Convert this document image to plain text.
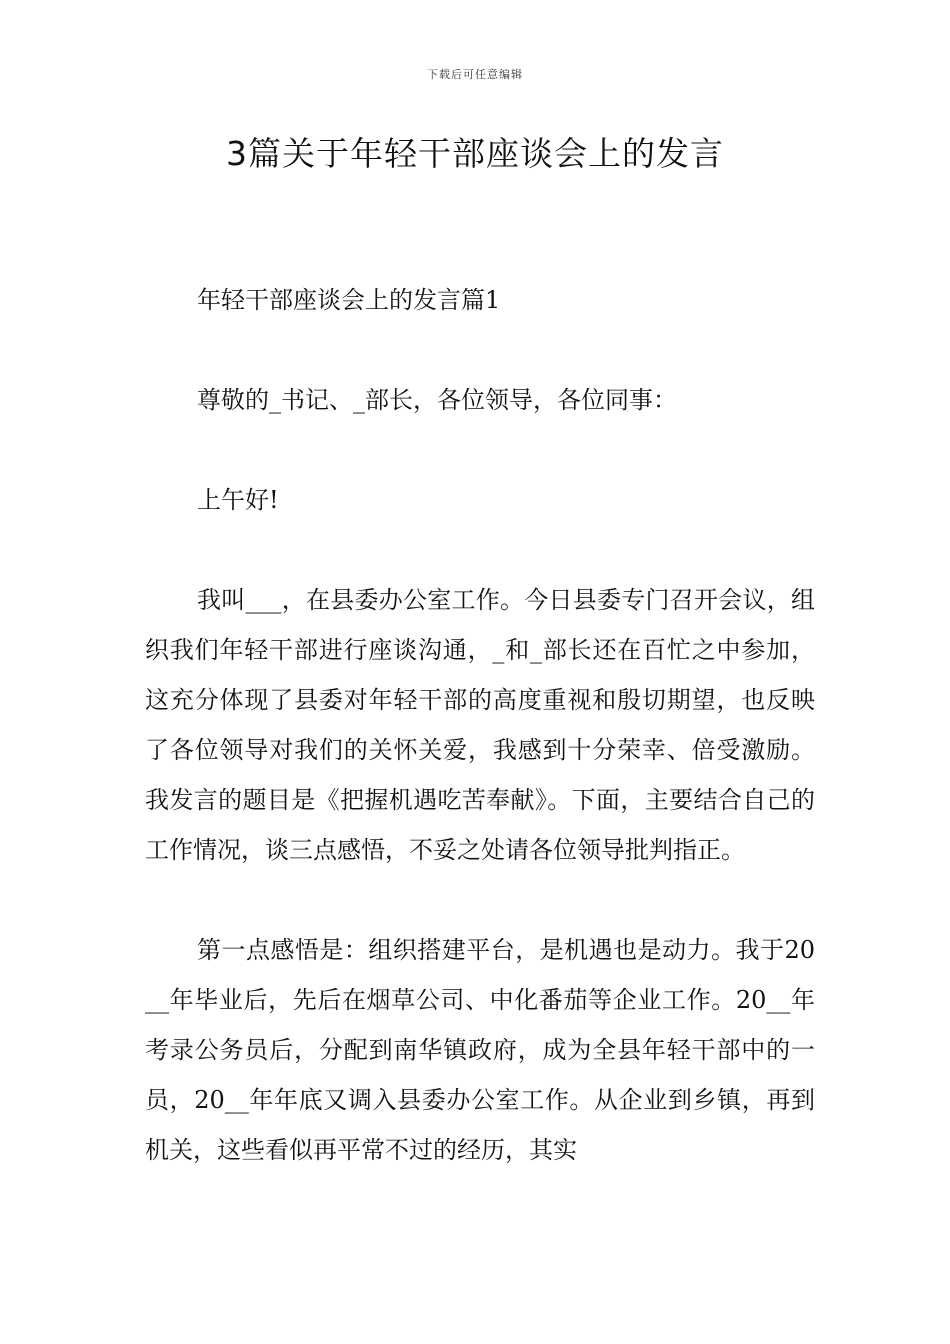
下载后可任意编辑
3篇关于年轻干部座谈会上的发言

年轻干部座谈会上的发言篇1

尊敬的_书记、_部长，各位领导，各位同事：

上午好!

我叫___，在县委办公室工作。今日县委专门召开会议，组织我们年轻干部进行座谈沟通，_和_部长还在百忙之中参加，这充分体现了县委对年轻干部的高度重视和殷切期望，也反映了各位领导对我们的关怀关爱，我感到十分荣幸、倍受激励。我发言的题目是《把握机遇吃苦奉献》。下面，主要结合自己的工作情况，谈三点感悟，不妥之处请各位领导批判指正。

第一点感悟是：组织搭建平台，是机遇也是动力。我于20__年毕业后，先后在烟草公司、中化番茄等企业工作。20__年考录公务员后，分配到南华镇政府，成为全县年轻干部中的一员，20__年年底又调入县委办公室工作。从企业到乡镇，再到机关，这些看似再平常不过的经历，其实
